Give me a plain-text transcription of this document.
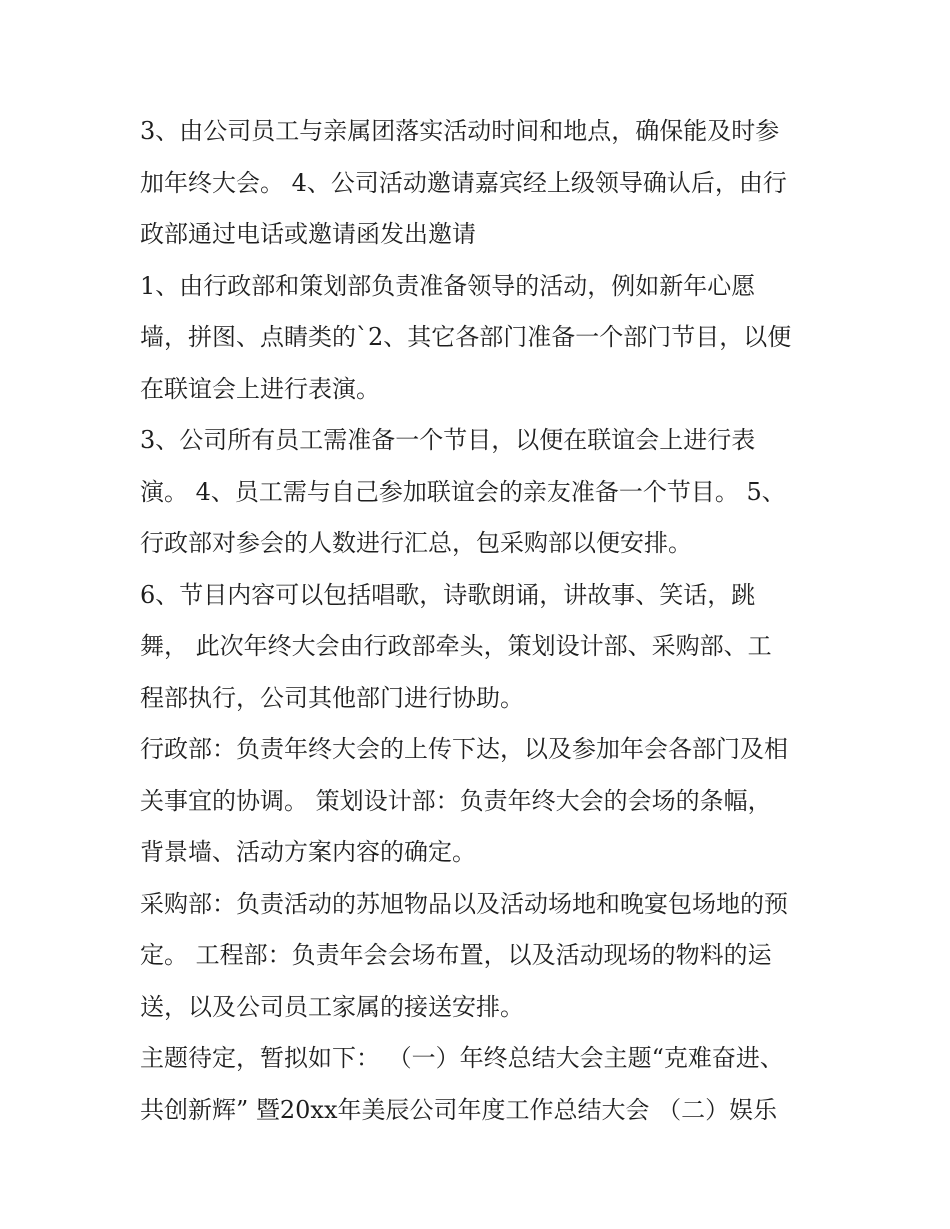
3、由公司员工与亲属团落实活动时间和地点，确保能及时参
加年终大会。 4、公司活动邀请嘉宾经上级领导确认后，由行
政部通过电话或邀请函发出邀请

1、由行政部和策划部负责准备领导的活动，例如新年心愿
墙，拼图、点睛类的`2、其它各部门准备一个部门节目，以便
在联谊会上进行表演。

3、公司所有员工需准备一个节目，以便在联谊会上进行表
演。 4、员工需与自己参加联谊会的亲友准备一个节目。 5、
行政部对参会的人数进行汇总，包采购部以便安排。

6、节目内容可以包括唱歌，诗歌朗诵，讲故事、笑话，跳
舞， 此次年终大会由行政部牵头，策划设计部、采购部、工
程部执行，公司其他部门进行协助。

行政部：负责年终大会的上传下达，以及参加年会各部门及相
关事宜的协调。 策划设计部：负责年终大会的会场的条幅，
背景墙、活动方案内容的确定。

采购部：负责活动的苏旭物品以及活动场地和晚宴包场地的预
定。 工程部：负责年会会场布置，以及活动现场的物料的运
送，以及公司员工家属的接送安排。

主题待定，暂拟如下： （一）年终总结大会主题“克难奋进、
共创新辉” 暨20xx年美辰公司年度工作总结大会 （二）娱乐
